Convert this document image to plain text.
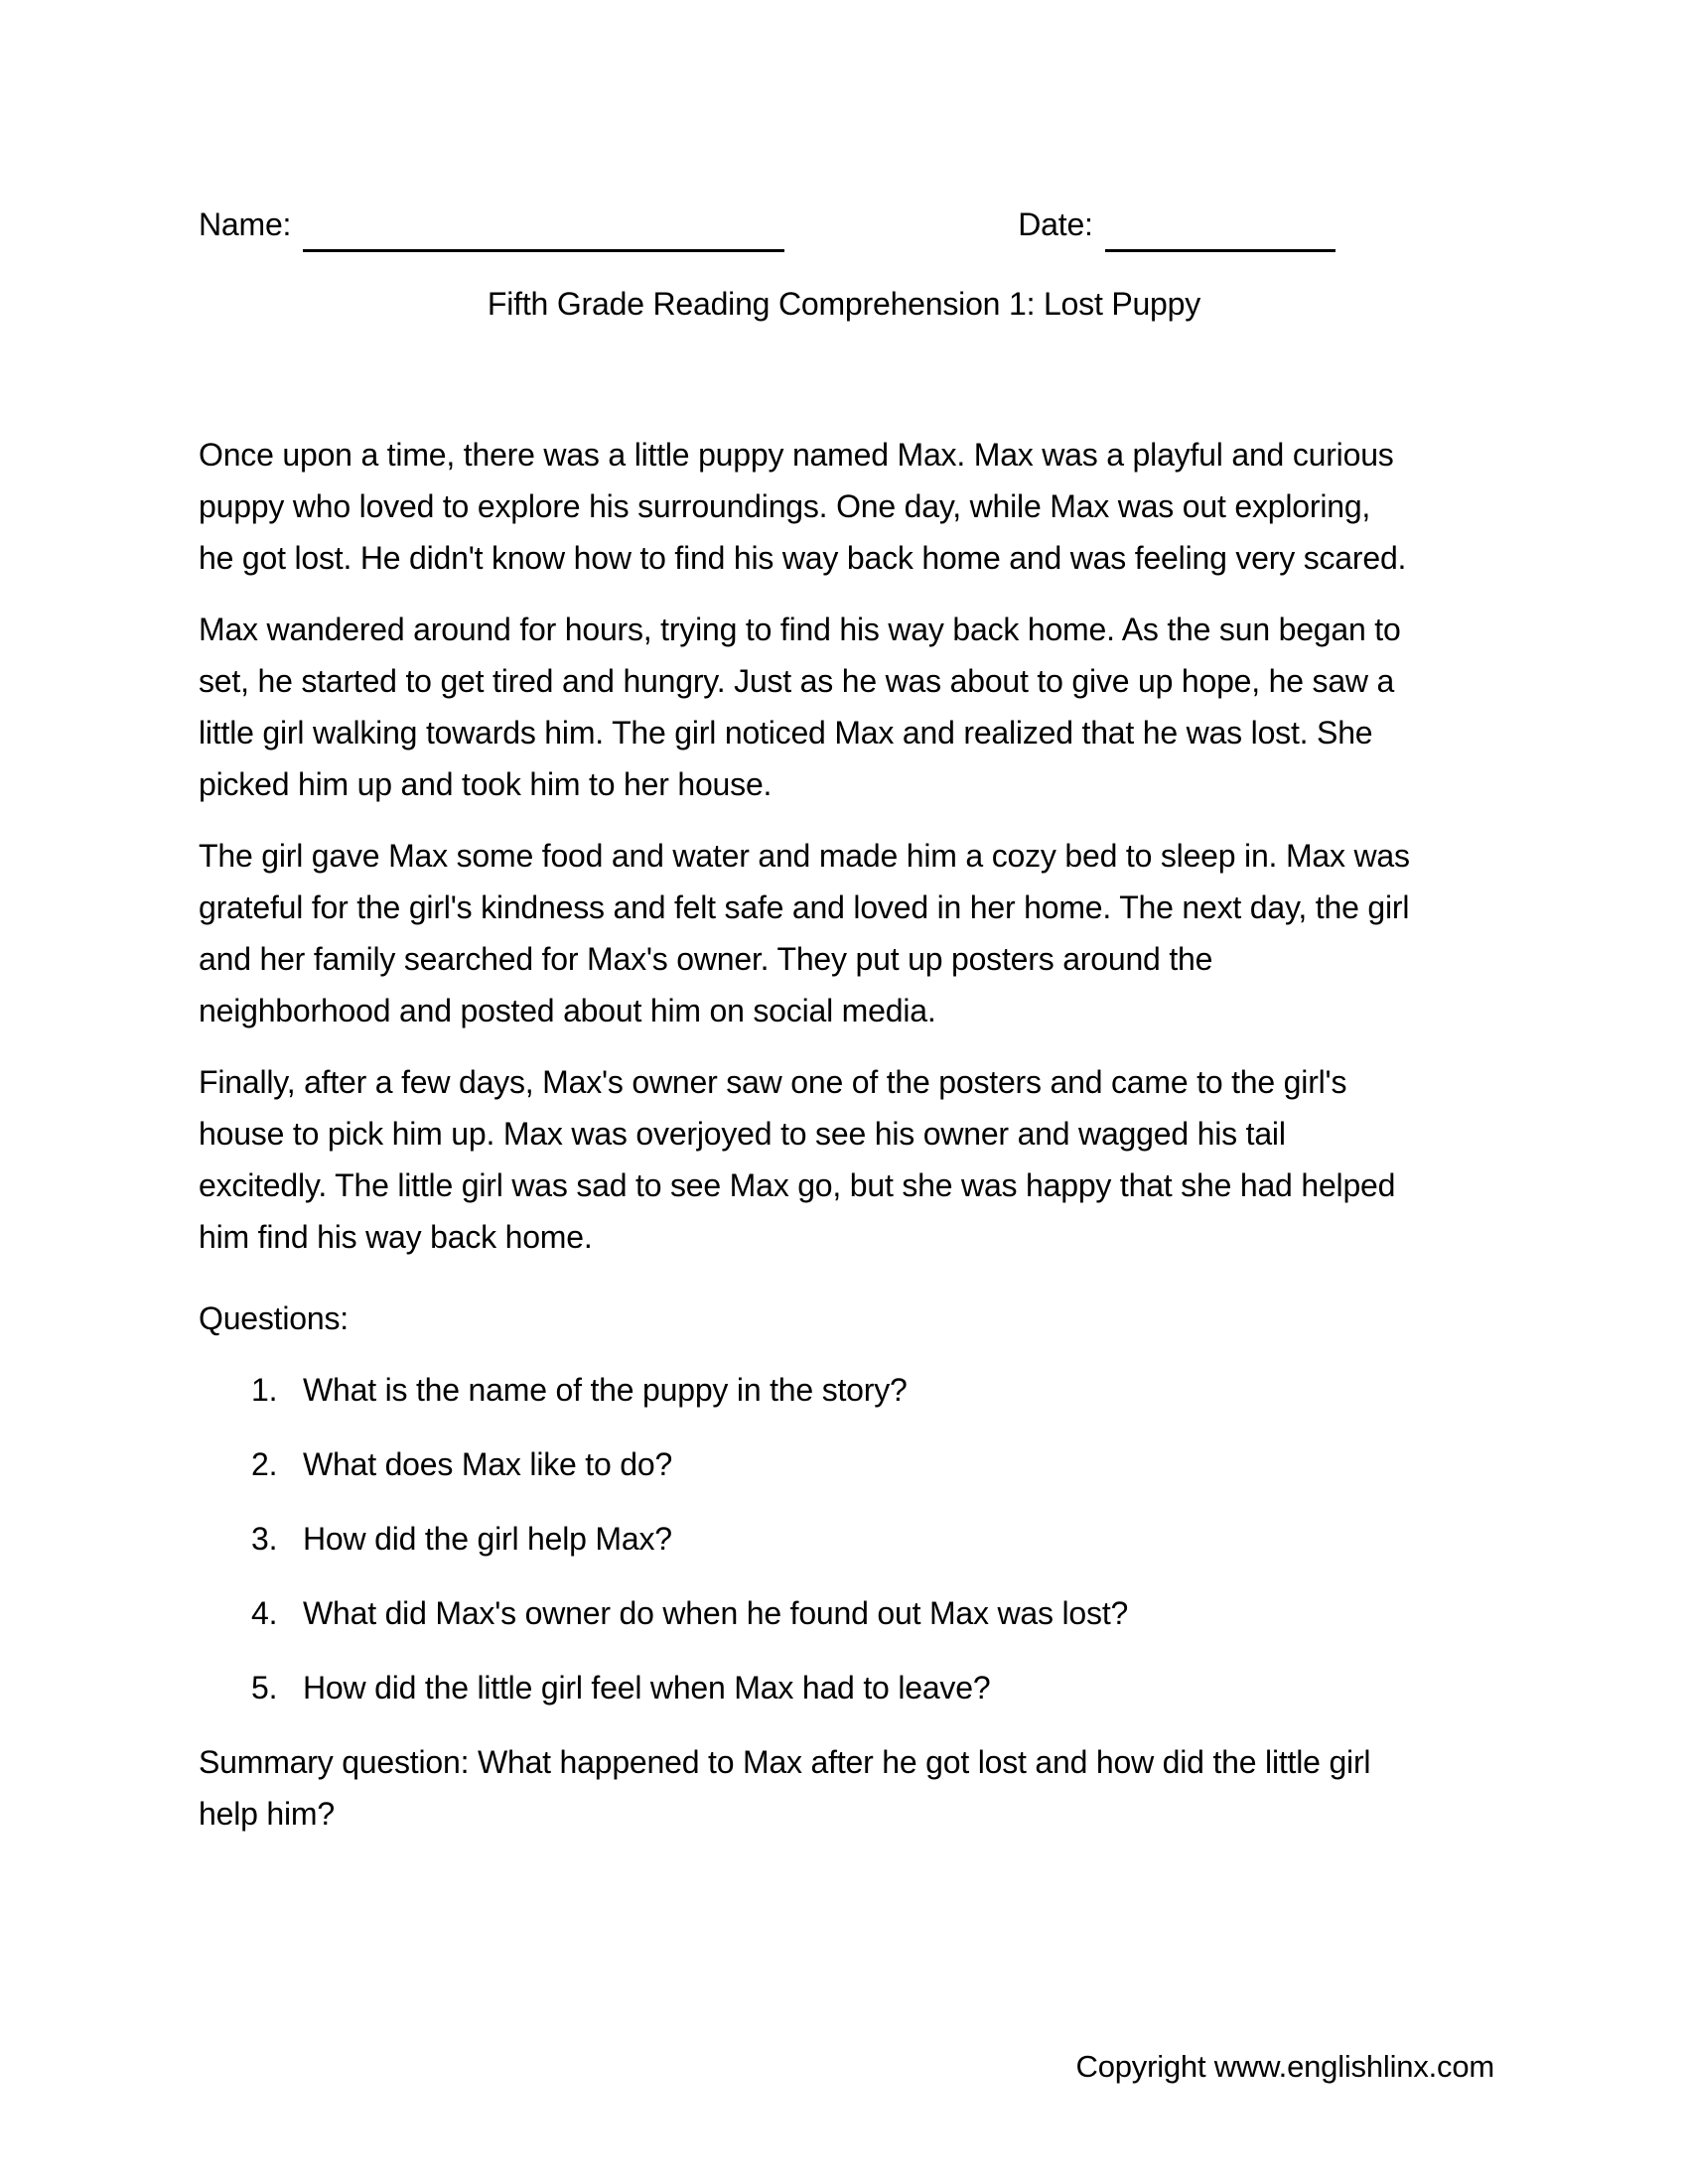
Name:	Date:
Fifth Grade Reading Comprehension 1: Lost Puppy

Once upon a time, there was a little puppy named Max. Max was a playful and curious puppy who loved to explore his surroundings. One day, while Max was out exploring, he got lost. He didn't know how to find his way back home and was feeling very scared.

Max wandered around for hours, trying to find his way back home. As the sun began to set, he started to get tired and hungry. Just as he was about to give up hope, he saw a little girl walking towards him. The girl noticed Max and realized that he was lost. She picked him up and took him to her house.

The girl gave Max some food and water and made him a cozy bed to sleep in. Max was grateful for the girl's kindness and felt safe and loved in her home. The next day, the girl and her family searched for Max's owner. They put up posters around the neighborhood and posted about him on social media.

Finally, after a few days, Max's owner saw one of the posters and came to the girl's house to pick him up. Max was overjoyed to see his owner and wagged his tail excitedly. The little girl was sad to see Max go, but she was happy that she had helped him find his way back home.

Questions:

1. What is the name of the puppy in the story?
2. What does Max like to do?
3. How did the girl help Max?
4. What did Max's owner do when he found out Max was lost?
5. How did the little girl feel when Max had to leave?

Summary question: What happened to Max after he got lost and how did the little girl help him?

Copyright www.englishlinx.com
